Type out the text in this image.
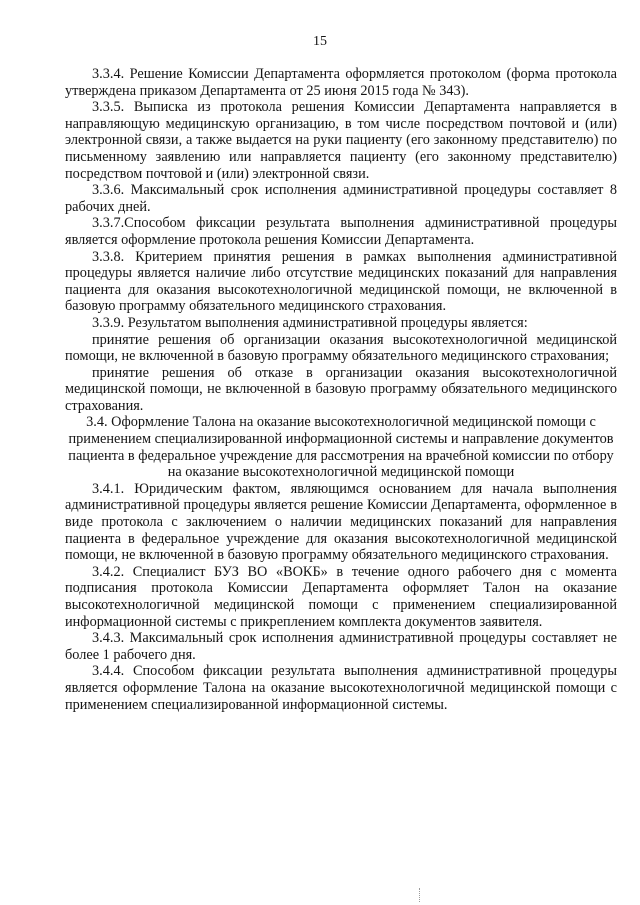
15

3.3.4. Решение Комиссии Департамента оформляется протоколом (форма протокола утверждена приказом Департамента от 25 июня 2015 года № 343).

3.3.5. Выписка из протокола решения Комиссии Департамента направляется в направляющую медицинскую организацию, в том числе посредством почтовой и (или) электронной связи, а также выдается на руки пациенту (его законному представителю) по письменному заявлению или направляется пациенту (его законному представителю) посредством почтовой и (или) электронной связи.

3.3.6. Максимальный срок исполнения административной процедуры составляет 8 рабочих дней.

3.3.7.Способом фиксации результата выполнения административной процедуры является оформление протокола решения Комиссии Департамента.

3.3.8. Критерием принятия решения в рамках выполнения административной процедуры является наличие либо отсутствие медицинских показаний для направления пациента для оказания высокотехнологичной медицинской помощи, не включенной в базовую программу обязательного медицинского страхования.

3.3.9. Результатом выполнения административной процедуры является:

принятие решения об организации оказания высокотехнологичной медицинской помощи, не включенной в базовую программу обязательного медицинского страхования;

принятие решения об отказе в организации оказания высокотехнологичной медицинской помощи, не включенной в базовую программу обязательного медицинского страхования.

3.4. Оформление Талона на оказание высокотехнологичной медицинской помощи с применением специализированной информационной системы и направление документов пациента в федеральное учреждение для рассмотрения на врачебной комиссии по отбору на оказание высокотехнологичной медицинской помощи

3.4.1. Юридическим фактом, являющимся основанием для начала выполнения административной процедуры является решение Комиссии Департамента, оформленное в виде протокола с заключением о наличии медицинских показаний для направления пациента в федеральное учреждение для оказания высокотехнологичной медицинской помощи, не включенной в базовую программу обязательного медицинского страхования.

3.4.2. Специалист БУЗ ВО «ВОКБ» в течение одного рабочего дня с момента подписания протокола Комиссии Департамента оформляет Талон на оказание высокотехнологичной медицинской помощи с применением специализированной информационной системы с прикреплением комплекта документов заявителя.

3.4.3. Максимальный срок исполнения административной процедуры составляет не более 1 рабочего дня.

3.4.4. Способом фиксации результата выполнения административной процедуры является оформление Талона на оказание высокотехнологичной медицинской помощи с применением специализированной информационной системы.
